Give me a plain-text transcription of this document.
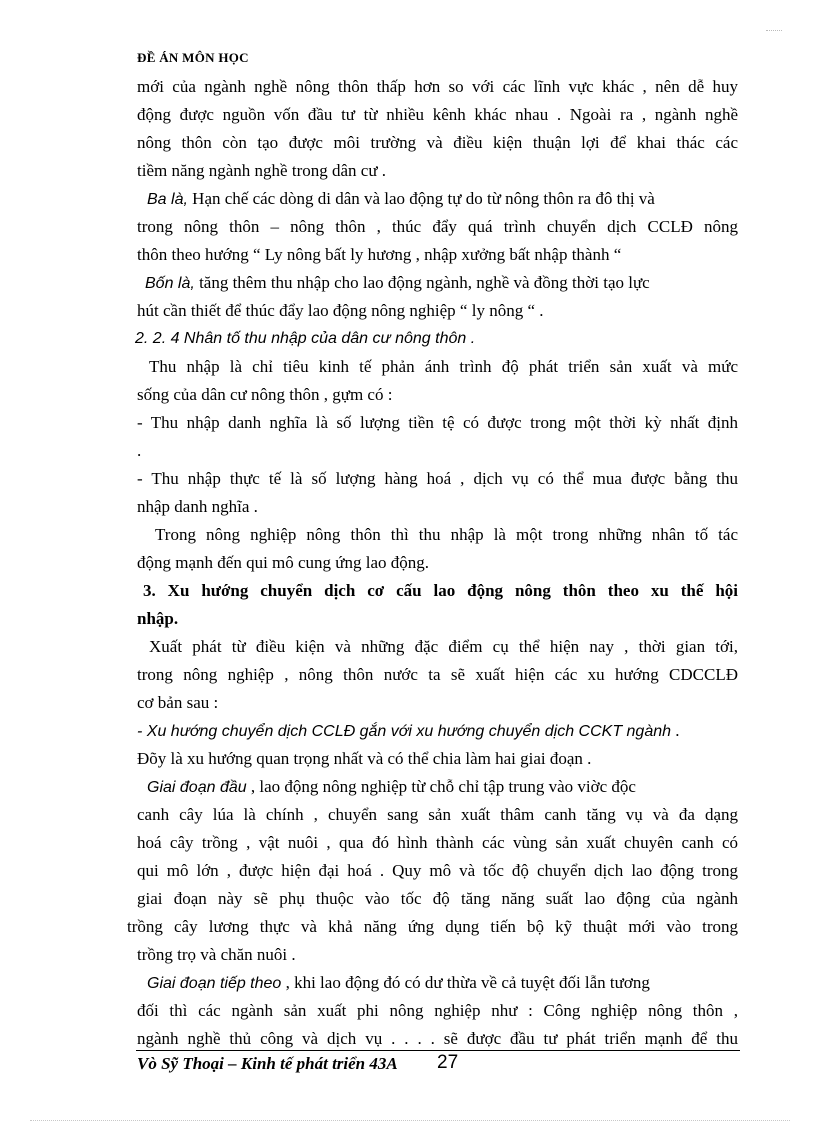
ĐỀ ÁN MÔN HỌC
mới của ngành nghề nông thôn thấp hơn so với các lĩnh vực khác , nên dễ huy
động được nguồn vốn đầu tư từ nhiều kênh khác nhau . Ngoài ra , ngành nghề
nông thôn còn tạo được môi trường và điều kiện thuận lợi để khai thác các
tiềm năng ngành nghề trong dân cư .
Ba là, Hạn chế các dòng di dân và lao động tự do từ nông thôn ra đô thị và
trong nông thôn – nông thôn , thúc đẩy quá trình chuyển dịch CCLĐ nông
thôn theo hướng “ Ly nông bất ly hương , nhập xưởng bất nhập thành “
Bốn là, tăng thêm thu nhập cho lao động ngành, nghề và đồng thời tạo lực
hút cần thiết để thúc đẩy lao động nông nghiệp “ ly nông “ .
2. 2. 4 Nhân tố thu nhập của dân cư nông thôn .
Thu nhập là chỉ tiêu kinh tế phản ánh trình độ phát triển sản xuất và mức
sống của dân cư nông thôn , gựm có :
- Thu nhập danh nghĩa là số lượng tiền tệ có được trong một thời kỳ nhất định
.
- Thu nhập thực tế là số lượng hàng hoá , dịch vụ có thể mua được bằng thu
nhập danh nghĩa .
Trong nông nghiệp nông thôn thì thu nhập là một trong những nhân tố tác
động mạnh đến qui mô cung ứng lao động.
3. Xu hướng chuyển dịch cơ cấu lao động nông thôn theo xu thế hội
nhập.
Xuất phát từ điều kiện và những đặc điểm cụ thể hiện nay , thời gian tới,
trong nông nghiệp , nông thôn nước ta sẽ xuất hiện các xu hướng CDCCLĐ
cơ bản sau :
- Xu hướng chuyển dịch CCLĐ gắn với xu hướng chuyển dịch CCKT ngành .
Đõy là xu hướng quan trọng nhất và có thể chia làm hai giai đoạn .
Giai đoạn đầu , lao động nông nghiệp từ chỗ chỉ tập trung vào viờc độc
canh cây lúa là chính , chuyển sang sản xuất thâm canh tăng vụ và đa dạng
hoá cây trồng , vật nuôi , qua đó hình thành các vùng sản xuất chuyên canh có
qui mô lớn , được hiện đại hoá . Quy mô và tốc độ chuyển dịch lao động trong
giai đoạn này sẽ phụ thuộc vào tốc độ tăng năng suất lao động của ngành
trồng cây lương thực và khả năng ứng dụng tiến bộ kỹ thuật mới vào trong
trồng trọ và chăn nuôi .
Giai đoạn tiếp theo , khi lao động đó có dư thừa về cả tuyệt đối lẫn tương
đối thì các ngành sản xuất phi nông nghiệp như : Công nghiệp nông thôn ,
ngành nghề thủ công và dịch vụ . . . . sẽ được đầu tư phát triển mạnh để thu
Vò Sỹ Thoại – Kinh tế phát triển 43A 27
